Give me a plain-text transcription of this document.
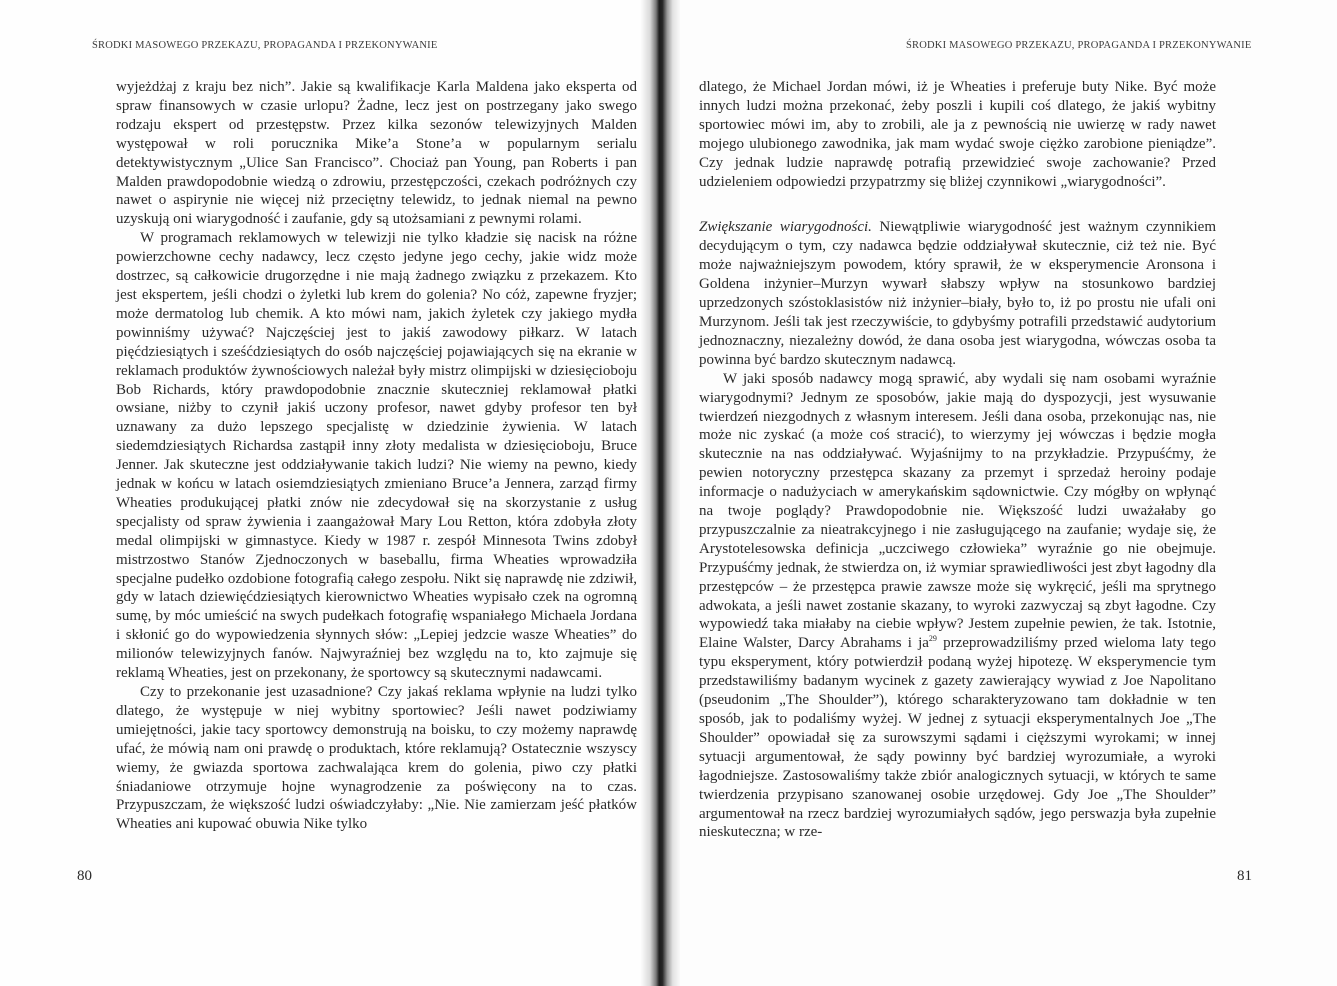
ŚRODKI MASOWEGO PRZEKAZU, PROPAGANDA I PRZEKONYWANIE

wyjeżdżaj z kraju bez nich”. Jakie są kwalifikacje Karla Maldena jako eksperta od spraw finansowych w czasie urlopu? Żadne, lecz jest on postrzegany jako swego rodzaju ekspert od przestępstw. Przez kilka sezonów telewizyjnych Malden występował w roli porucznika Mike’a Stone’a w popularnym serialu detektywistycznym „Ulice San Francisco”. Chociaż pan Young, pan Roberts i pan Malden prawdopodobnie wiedzą o zdrowiu, przestępczości, czekach podróżnych czy nawet o aspirynie nie więcej niż przeciętny telewidz, to jednak niemal na pewno uzyskują oni wiarygodność i zaufanie, gdy są utożsamiani z pewnymi rolami.

W programach reklamowych w telewizji nie tylko kładzie się nacisk na różne powierzchowne cechy nadawcy, lecz często jedyne jego cechy, jakie widz może dostrzec, są całkowicie drugorzędne i nie mają żadnego związku z przekazem. Kto jest ekspertem, jeśli chodzi o żyletki lub krem do golenia? No cóż, zapewne fryzjer; może dermatolog lub chemik. A kto mówi nam, jakich żyletek czy jakiego mydła powinniśmy używać? Najczęściej jest to jakiś zawodowy piłkarz. W latach pięćdziesiątych i sześćdziesiątych do osób najczęściej pojawiających się na ekranie w reklamach produktów żywnościowych należał były mistrz olimpijski w dziesięcioboju Bob Richards, który prawdopodobnie znacznie skuteczniej reklamował płatki owsiane, niżby to czynił jakiś uczony profesor, nawet gdyby profesor ten był uznawany za dużo lepszego specjalistę w dziedzinie żywienia. W latach siedemdziesiątych Richardsa zastąpił inny złoty medalista w dziesięcioboju, Bruce Jenner. Jak skuteczne jest oddziaływanie takich ludzi? Nie wiemy na pewno, kiedy jednak w końcu w latach osiemdziesiątych zmieniano Bruce’a Jennera, zarząd firmy Wheaties produkującej płatki znów nie zdecydował się na skorzystanie z usług specjalisty od spraw żywienia i zaangażował Mary Lou Retton, która zdobyła złoty medal olimpijski w gimnastyce. Kiedy w 1987 r. zespół Minnesota Twins zdobył mistrzostwo Stanów Zjednoczonych w baseballu, firma Wheaties wprowadziła specjalne pudełko ozdobione fotografią całego zespołu. Nikt się naprawdę nie zdziwił, gdy w latach dziewięćdziesiątych kierownictwo Wheaties wypisało czek na ogromną sumę, by móc umieścić na swych pudełkach fotografię wspaniałego Michaela Jordana i skłonić go do wypowiedzenia słynnych słów: „Lepiej jedzcie wasze Wheaties” do milionów telewizyjnych fanów. Najwyraźniej bez względu na to, kto zajmuje się reklamą Wheaties, jest on przekonany, że sportowcy są skutecznymi nadawcami.

Czy to przekonanie jest uzasadnione? Czy jakaś reklama wpłynie na ludzi tylko dlatego, że występuje w niej wybitny sportowiec? Jeśli nawet podziwiamy umiejętności, jakie tacy sportowcy demonstrują na boisku, to czy możemy naprawdę ufać, że mówią nam oni prawdę o produktach, które reklamują? Ostatecznie wszyscy wiemy, że gwiazda sportowa zachwalająca krem do golenia, piwo czy płatki śniadaniowe otrzymuje hojne wynagrodzenie za poświęcony na to czas. Przypuszczam, że większość ludzi oświadczyłaby: „Nie. Nie zamierzam jeść płatków Wheaties ani kupować obuwia Nike tylko

80
ŚRODKI MASOWEGO PRZEKAZU, PROPAGANDA I PRZEKONYWANIE

dlatego, że Michael Jordan mówi, iż je Wheaties i preferuje buty Nike. Być może innych ludzi można przekonać, żeby poszli i kupili coś dlatego, że jakiś wybitny sportowiec mówi im, aby to zrobili, ale ja z pewnością nie uwierzę w rady nawet mojego ulubionego zawodnika, jak mam wydać swoje ciężko zarobione pieniądze”. Czy jednak ludzie naprawdę potrafią przewidzieć swoje zachowanie? Przed udzieleniem odpowiedzi przypatrzmy się bliżej czynnikowi „wiarygodności”.

Zwiększanie wiarygodności. Niewątpliwie wiarygodność jest ważnym czynnikiem decydującym o tym, czy nadawca będzie oddziaływał skutecznie, ciż też nie. Być może najważniejszym powodem, który sprawił, że w eksperymencie Aronsona i Goldena inżynier–Murzyn wywarł słabszy wpływ na stosunkowo bardziej uprzedzonych szóstoklasistów niż inżynier–biały, było to, iż po prostu nie ufali oni Murzynom. Jeśli tak jest rzeczywiście, to gdybyśmy potrafili przedstawić audytorium jednoznaczny, niezależny dowód, że dana osoba jest wiarygodna, wówczas osoba ta powinna być bardzo skutecznym nadawcą.

W jaki sposób nadawcy mogą sprawić, aby wydali się nam osobami wyraźnie wiarygodnymi? Jednym ze sposobów, jakie mają do dyspozycji, jest wysuwanie twierdzeń niezgodnych z własnym interesem. Jeśli dana osoba, przekonując nas, nie może nic zyskać (a może coś stracić), to wierzymy jej wówczas i będzie mogła skutecznie na nas oddziaływać. Wyjaśnijmy to na przykładzie. Przypuśćmy, że pewien notoryczny przestępca skazany za przemyt i sprzedaż heroiny podaje informacje o nadużyciach w amerykańskim sądownictwie. Czy mógłby on wpłynąć na twoje poglądy? Prawdopodobnie nie. Większość ludzi uważałaby go przypuszczalnie za nieatrakcyjnego i nie zasługującego na zaufanie; wydaje się, że Arystotelesowska definicja „uczciwego człowieka” wyraźnie go nie obejmuje. Przypuśćmy jednak, że stwierdza on, iż wymiar sprawiedliwości jest zbyt łagodny dla przestępców – że przestępca prawie zawsze może się wykręcić, jeśli ma sprytnego adwokata, a jeśli nawet zostanie skazany, to wyroki zazwyczaj są zbyt łagodne. Czy wypowiedź taka miałaby na ciebie wpływ? Jestem zupełnie pewien, że tak. Istotnie, Elaine Walster, Darcy Abrahams i $ja^{29}$ przeprowadziliśmy przed wieloma laty tego typu eksperyment, który potwierdził podaną wyżej hipotezę. W eksperymencie tym przedstawiliśmy badanym wycinek z gazety zawierający wywiad z Joe Napolitano (pseudonim „The Shoulder”), którego scharakteryzowano tam dokładnie w ten sposób, jak to podaliśmy wyżej. W jednej z sytuacji eksperymentalnych Joe „The Shoulder” opowiadał się za surowszymi sądami i cięższymi wyrokami; w innej sytuacji argumentował, że sądy powinny być bardziej wyrozumiałe, a wyroki łagodniejsze. Zastosowaliśmy także zbiór analogicznych sytuacji, w których te same twierdzenia przypisano szanowanej osobie urzędowej. Gdy Joe „The Shoulder” argumentował na rzecz bardziej wyrozumiałych sądów, jego perswazja była zupełnie nieskuteczna; w rze-

81
